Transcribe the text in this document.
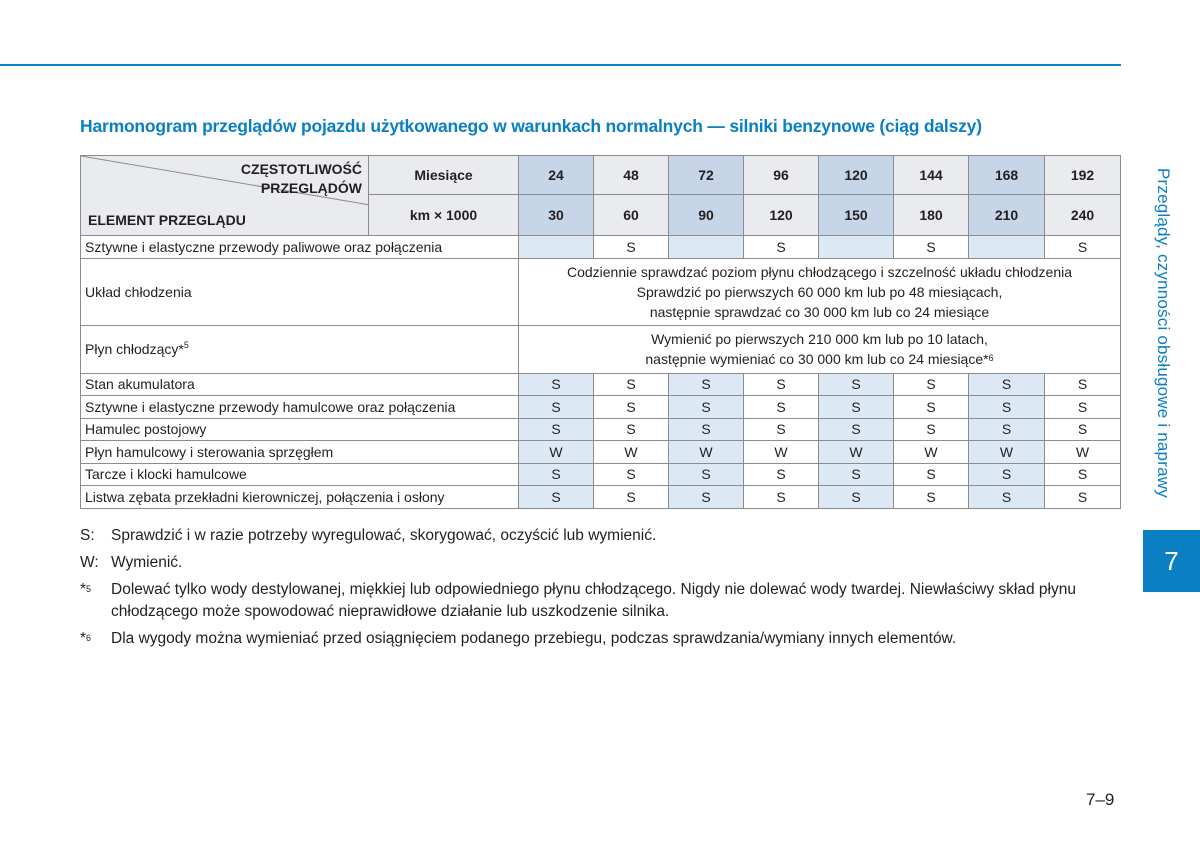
Harmonogram przeglądów pojazdu użytkowanego w warunkach normalnych — silniki benzynowe (ciąg dalszy)
CZĘSTOTLIWOŚĆ
PRZEGLĄDÓW
ELEMENT PRZEGLĄDU	Miesiące	24	48	72	96	120	144	168	192
	km × 1000	30	60	90	120	150	180	210	240
Sztywne i elastyczne przewody paliwowe oraz połączenia			S		S		S		S
Układ chłodzenia		Codziennie sprawdzać poziom płynu chłodzącego i szczelność układu chłodzenia
Sprawdzić po pierwszych 60 000 km lub po 48 miesiącach,
następnie sprawdzać co 30 000 km lub co 24 miesiące							

Płyn chłodzący*$^5$		Wymienić po pierwszych 210 000 km lub po 10 latach,
następnie wymieniać co 30 000 km lub co 24 miesiące*$^6$

Stan akumulatora		S	S	S	S	S	S	S	S
Sztywne i elastyczne przewody hamulcowe oraz połączenia		S	S	S	S	S	S	S	S
Hamulec postojowy		S	S	S	S	S	S	S	S
Płyn hamulcowy i sterowania sprzęgłem		W	W	W	W	W	W	W	W
Tarcze i klocki hamulcowe		S	S	S	S	S	S	S	S
Listwa zębata przekładni kierowniczej, połączenia i osłony		S	S	S	S	S	S	S	S
S:	Sprawdzić i w razie potrzeby wyregulować, skorygować, oczyścić lub wymienić.
W: Wymienić.
*$^5$	Dolewać tylko wody destylowanej, miękkiej lub odpowiedniego płynu chłodzącego. Nigdy nie dolewać wody twardej. Niewłaściwy skład płynu chłodzącego może spowodować nieprawidłowe działanie lub uszkodzenie silnika.
*$^6$	Dla wygody można wymieniać przed osiągnięciem podanego przebiegu, podczas sprawdzania/wymiany innych elementów.
Przeglądy, czynności obsługowe i naprawy
7
7–9
